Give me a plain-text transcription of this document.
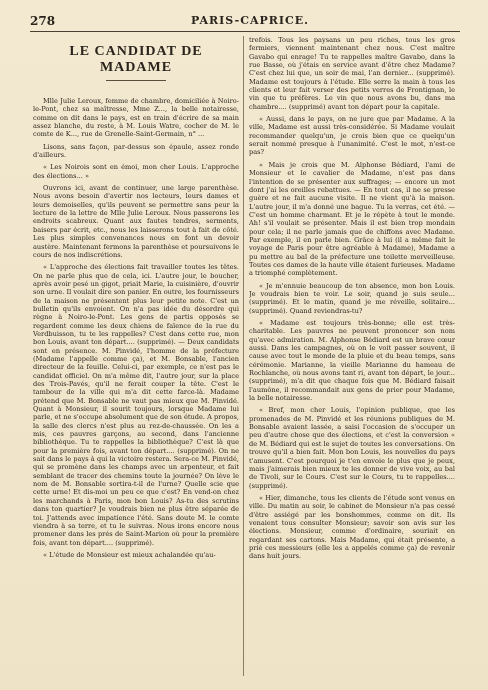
278	PARIS-CAPRICE.
LE CANDIDAT DE MADAME

Mlle Julie Leroux, femme de chambre, domiciliée à Noiro-le-Pont, chez sa maîtresse, Mme Z..., la belle notairesse, comme on dit dans le pays, est en train d'écrire de sa main assez blanche, du reste, à M. Louis Watre, cocher de M. le comte de K..., rue de Grenelle-Saint-Germain, n° ...

Lisons, sans façon, par-dessus son épaule, assez ronde d'ailleurs.

« Les Noirois sont en émoi, mon cher Louis. L'approche des élections... »

Ouvrons ici, avant de continuer, une large parenthèse. Nous avons besoin d'avertir nos lecteurs, leurs dames et leurs demoiselles, qu'ils peuvent se permettre sans peur la lecture de la lettre de Mlle Julie Leroux. Nous passerons les endroits scabreux. Quant aux fautes tendres, serments, baisers par écrit, etc., nous les laisserons tout à fait de côté. Les plus simples convenances nous en font un devoir austère. Maintenant fermons la parenthèse et poursuivons le cours de nos indiscrétions.

« L'approche des élections fait travailler toutes les têtes. On ne parle plus que de cela, ici. L'autre jour, le boucher, après avoir pesé un gigot, priait Marie, la cuisinière, d'ouvrir son urne. Il voulait dire son panier. En outre, les fournisseurs de la maison ne présentent plus leur petite note. C'est un bulletin qu'ils envoient. On n'a pas idée du désordre qui règne à Noiro-le-Pont. Les gens de partis opposés se regardent comme les deux chiens de faïence de la rue du Verdbuisson, tu te les rappelles? C'est dans cette rue, mon bon Louis, avant ton départ.... (supprimé). — Deux candidats sont en présence. M. Pinvidé, l'homme de la préfecture (Madame l'appelle comme ça), et M. Bonsable, l'ancien directeur de la feuille. Celui-ci, par exemple, ce n'est pas le candidat officiel. On m'a même dit, l'autre jour, sur la place des Trois-Pavés, qu'il ne ferait couper la tête. C'est le tambour de la ville qui m'a dit cette farce-là. Madame prétend que M. Bonsable ne vaut pas mieux que M. Pinvidé. Quant à Monsieur, il sourit toujours, lorsque Madame lui parle, et ne s'occupe absolument que de son étude. A propos, la salle des clercs n'est plus au rez-de-chaussée. On les a mis, ces pauvres garçons, au second, dans l'ancienne bibliothèque. Tu te rappelles la bibliothèque? C'est là que pour la première fois, avant ton départ.... (supprimé). On ne sait dans le pays à qui la victoire restera. Sera-ce M. Pinvidé, qui se promène dans les champs avec un arpenteur, et fait semblant de tracer des chemins toute la journée? On lève le nom de M. Bonsable sortira-t-il de l'urne? Quelle scie que cette urne! Et dis-moi un peu ce que c'est? En vend-on chez les marchands à Paris, mon bon Louis? As-tu des scrutins dans ton quartier? Je voudrais bien ne plus être séparée de toi. J'attends avec impatience l'été. Sans doute M. le comte viendra à sa terre, et tu le suivras. Nous irons encore nous promener dans les prés de Saint-Marion où pour la première fois, avant ton départ.... (supprimé).

« L'étude de Monsieur est mieux achalandée qu'au-

trefois. Tous les paysans un peu riches, tous les gros fermiers, viennent maintenant chez nous. C'est maître Gavabo qui enrage! Tu te rappelles maître Gavabo, dans la rue Basse, où j'étais en service avant d'être chez Madame? C'est chez lui que, un soir de mai, l'an dernier... (supprimé). Madame est toujours à l'étude. Elle serre la main à tous les clients et leur fait verser des petits verres de Frontignan, le vin que tu préfères. Le vin que nous avons bu, dans ma chambre.... (supprimé) avant ton départ pour la capitale.

« Aussi, dans le pays, on ne jure que par Madame. A la ville, Madame est aussi très-considérée. Si Madame voulait recommander quelqu'un, je crois bien que ce quelqu'un serait nommé presque à l'unanimité. C'est le mot, n'est-ce pas?

« Mais je crois que M. Alphonse Bédiard, l'ami de Monsieur et le cavalier de Madame, n'est pas dans l'intention de se présenter aux suffrages; — encore un mot dont j'ai les oreilles rebattues. — En tout cas, il ne se presse guère et ne fait aucune visite. Il ne vient qu'à la maison. L'autre jour, il m'a donné une bague. Tu la verras, cet été. — C'est un homme charmant. Et je le répète à tout le monde. Ah! s'il voulait se présenter. Mais il est bien trop mondain pour cela; il ne parle jamais que de chiffons avec Madame. Par exemple, il en parle bien. Grâce à lui (il a même fait le voyage de Paris pour être agréable à Madame), Madame a pu mettre au bal de la préfecture une toilette merveilleuse. Toutes ces dames de la haute ville étaient furieuses. Madame a triomphé complètement.

« Je m'ennuie beaucoup de ton absence, mon bon Louis. Je voudrais bien te voir. Le soir, quand je suis seule... (supprimé). Et le matin, quand je me réveille, solitaire... (supprimé). Quand reviendras-tu?

« Madame est toujours très-bonne; elle est très-charitable. Les pauvres ne peuvent prononcer son nom qu'avec admiration. M. Alphonse Bédiard est un brave cœur aussi. Dans les campagnes, où on le voit passer souvent, il cause avec tout le monde de la pluie et du beau temps, sans cérémonie. Marianne, la vieille Marianne du hameau de Rochlanche, où nous avons tant ri, avant ton départ, le jour... (supprimé), m'a dit que chaque fois que M. Bédiard faisait l'aumône, il recommandait aux gens de prier pour Madame, la belle notairesse.

« Bref, mon cher Louis, l'opinion publique, que les promenades de M. Pinvidé et les réunions publiques de M. Bonsable avaient lassée, a saisi l'occasion de s'occuper un peu d'autre chose que des élections, et c'est la conversion « de M. Bédiard qui est le sujet de toutes les conversations. On trouve qu'il a bien fait. Mon bon Louis, les nouvelles du pays t'amusent. C'est pourquoi je t'en envoie le plus que je peux, mais j'aimerais bien mieux te les donner de vive voix, au bal de Tivoli, sur le Cours. C'est sur le Cours, tu te rappelles.... (supprimé).

« Hier, dimanche, tous les clients de l'étude sont venus en ville. Du matin au soir, le cabinet de Monsieur n'a pas cessé d'être assiégé par les bonshommes, comme on dit. Ils venaient tous consulter Monsieur; savoir son avis sur les élections. Monsieur, comme d'ordinaire, souriait en regardant ses cartons. Mais Madame, qui était présente, a prié ces messieurs (elle les a appelés comme ça) de revenir dans huit jours.
